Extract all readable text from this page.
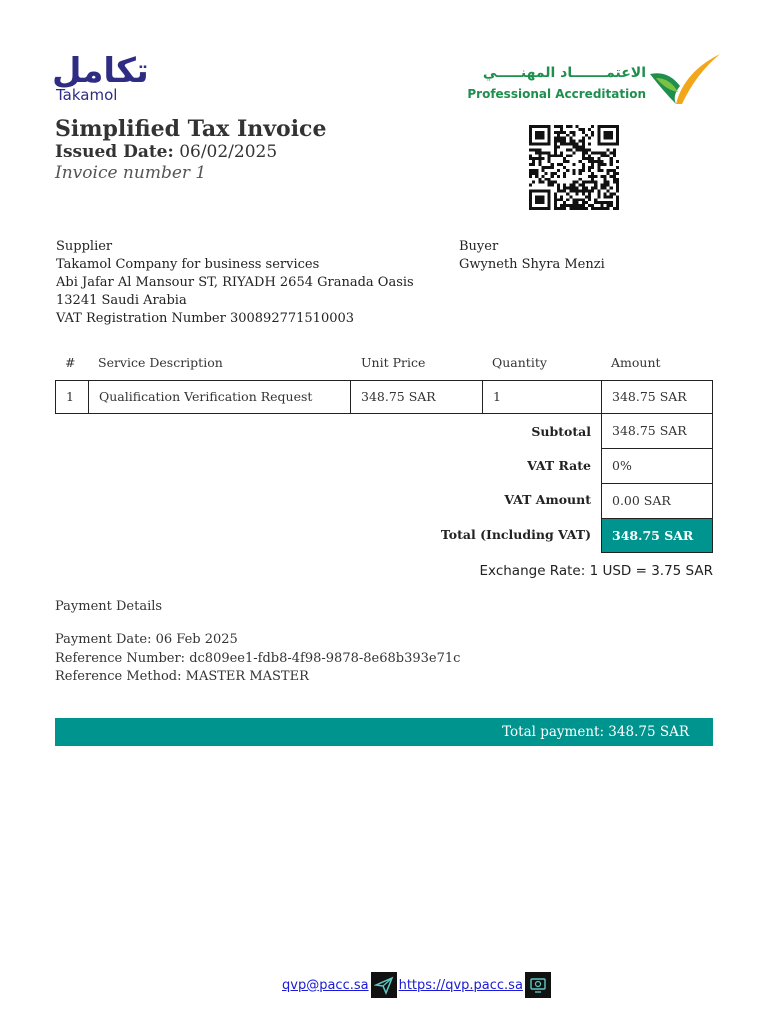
تكامل
Takamol
الاعتمـــــــاد المهنـــــي
Professional Accreditation
Simplified Tax Invoice
Issued Date: 06/02/2025
Invoice number 1
Supplier
Takamol Company for business services
Abi Jafar Al Mansour ST, RIYADH 2654 Granada Oasis
13241 Saudi Arabia
VAT Registration Number 300892771510003
Buyer
Gwyneth Shyra Menzi
# Service Description	Unit Price	Quantity	Amount
1	Qualification Verification Request	348.75 SAR	1	348.75 SAR
Subtotal	348.75 SAR
VAT Rate	0%
VAT Amount	0.00 SAR
Total (Including VAT)	348.75 SAR
Exchange Rate: 1 USD = 3.75 SAR
Payment Details
Payment Date: 06 Feb 2025
Reference Number: dc809ee1-fdb8-4f98-9878-8e68b393e71c
Reference Method: MASTER MASTER
Total payment: 348.75 SAR
qvp@pacc.sa https://qvp.pacc.sa
